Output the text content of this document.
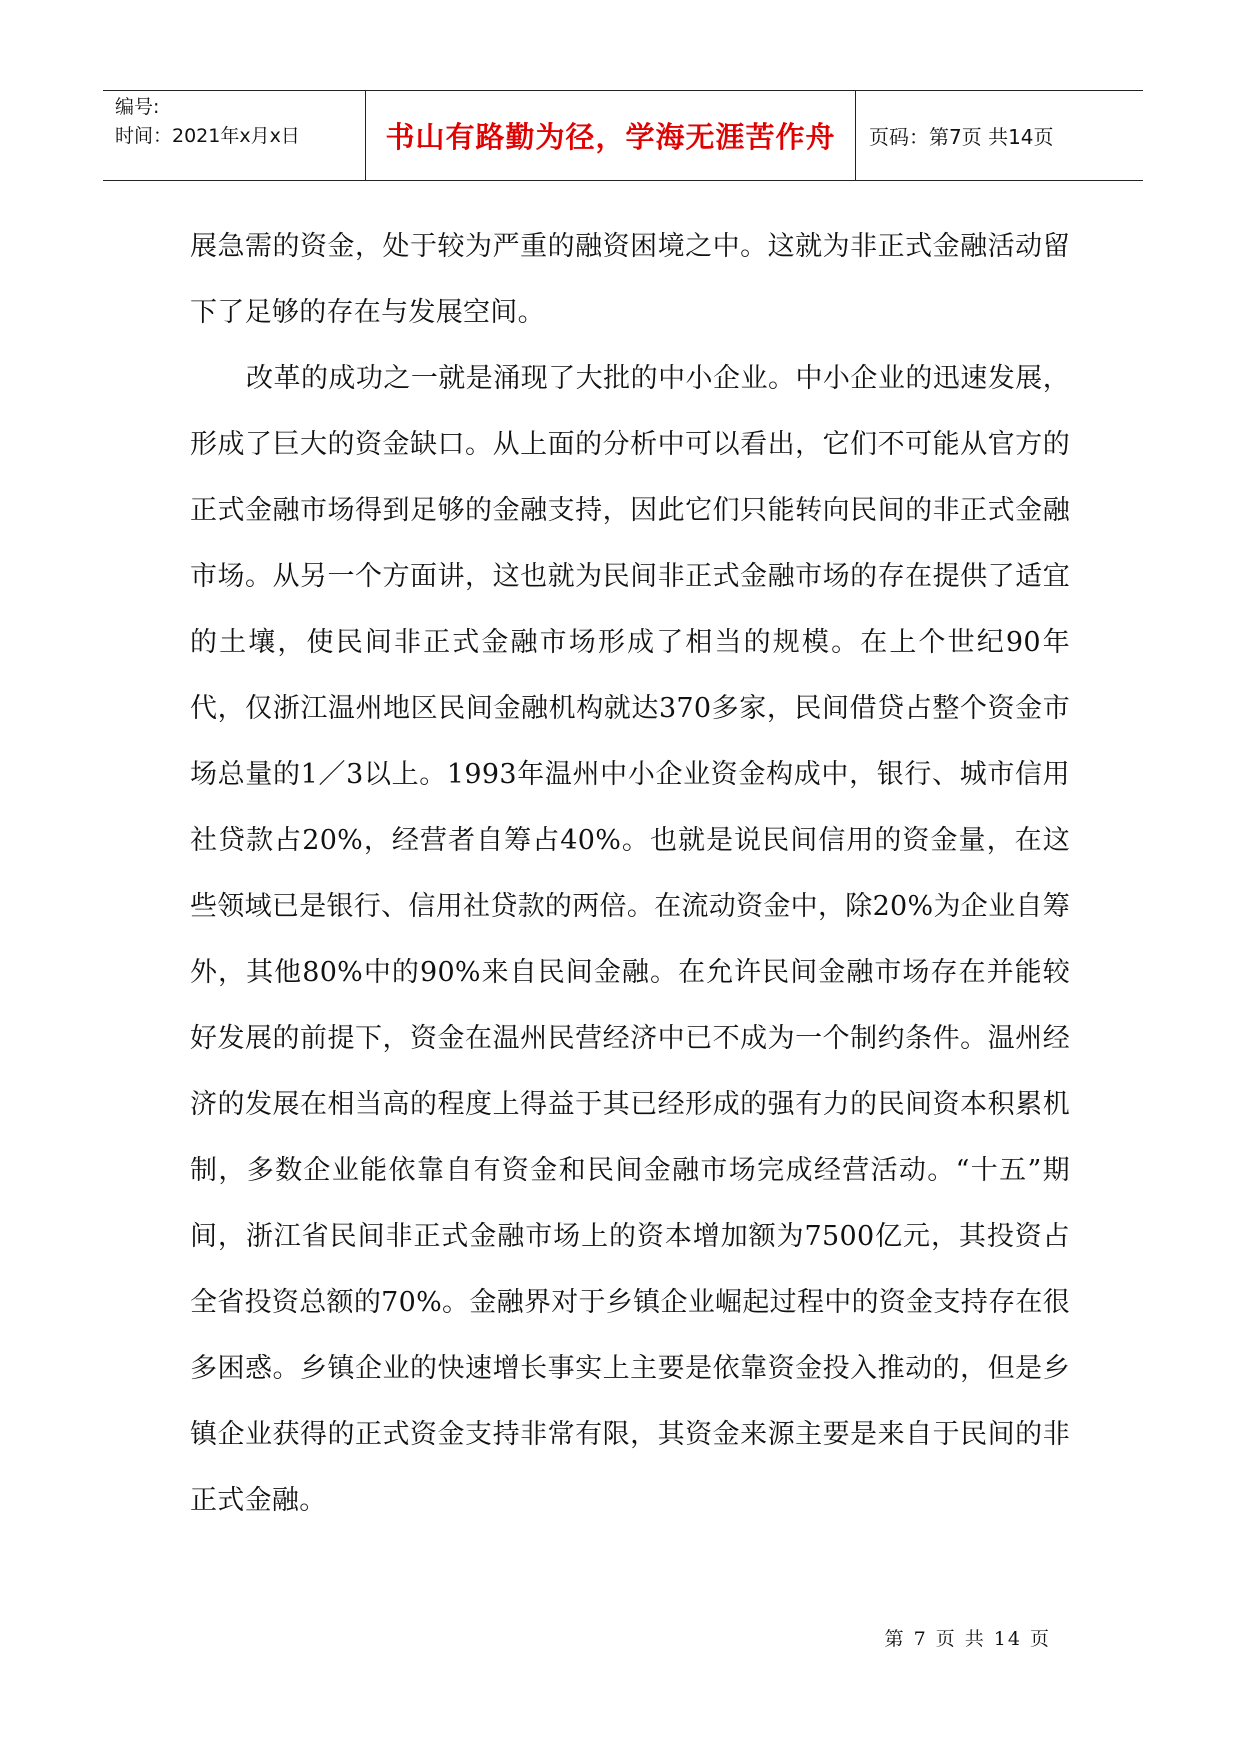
编号:
时间：2021年x月x日	书山有路勤为径，学海无涯苦作舟	页码：第7页 共14页

展急需的资金，处于较为严重的融资困境之中。这就为非正式金融活动留下了足够的存在与发展空间。

改革的成功之一就是涌现了大批的中小企业。中小企业的迅速发展，形成了巨大的资金缺口。从上面的分析中可以看出，它们不可能从官方的正式金融市场得到足够的金融支持，因此它们只能转向民间的非正式金融市场。从另一个方面讲，这也就为民间非正式金融市场的存在提供了适宜的土壤，使民间非正式金融市场形成了相当的规模。在上个世纪90年代，仅浙江温州地区民间金融机构就达370多家，民间借贷占整个资金市场总量的1／3以上。1993年温州中小企业资金构成中，银行、城市信用社贷款占20%，经营者自筹占40%。也就是说民间信用的资金量，在这些领域已是银行、信用社贷款的两倍。在流动资金中，除20%为企业自筹外，其他80%中的90%来自民间金融。在允许民间金融市场存在并能较好发展的前提下，资金在温州民营经济中已不成为一个制约条件。温州经济的发展在相当高的程度上得益于其已经形成的强有力的民间资本积累机制，多数企业能依靠自有资金和民间金融市场完成经营活动。“十五”期间，浙江省民间非正式金融市场上的资本增加额为7500亿元，其投资占全省投资总额的70%。金融界对于乡镇企业崛起过程中的资金支持存在很多困惑。乡镇企业的快速增长事实上主要是依靠资金投入推动的，但是乡镇企业获得的正式资金支持非常有限，其资金来源主要是来自于民间的非正式金融。

第 7 页 共 14 页
